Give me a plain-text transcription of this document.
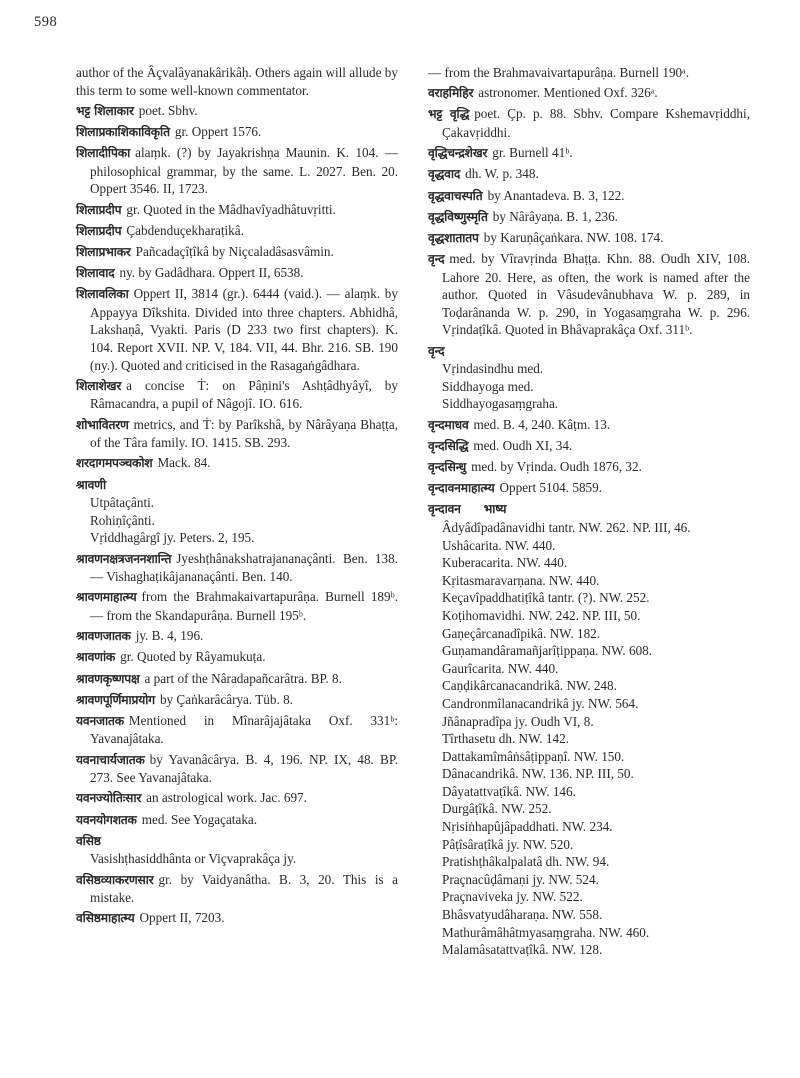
598
author of the Âçvalâyanakârikâḥ. Others again will allude by this term to some well-known commentator.
भट्ट शिलाकार poet. Sbhv.
शिलाप्रकाशिकाविकृति gr. Oppert 1576.
शिलादीपिका alaṃk. (?) by Jayakrishṇa Maunin. K. 104. — philosophical grammar, by the same. L. 2027. Ben. 20. Oppert 3546. II, 1723.
शिलाप्रदीप gr. Quoted in the Mâdhavîyadhâtuvṛitti.
शिलाप्रदीप Çabdenduçekharaṭikâ.
शिलाप्रभाकर Pañcadaçîṭîkâ by Niçcaladâsasvâmin.
शिलावाद ny. by Gadâdhara. Oppert II, 6538.
शिलावलिका Oppert II, 3814 (gr.). 6444 (vaid.). — alaṃk. by Appayya Dîkshita. Divided into three chapters. Abhidhâ, Lakshaṇâ, Vyakti. Paris (D 233 two first chapters). K. 104. Report XVII. NP. V, 184. VII, 44. Bhr. 216. SB. 190 (ny.). Quoted and criticised in the Rasagaṅgâdhara.
शिलाशेखर a concise Ṫ: on Pâṇini's Ashṭâdhyâyî, by Râmacandra, a pupil of Nâgojî. IO. 616.
शोभावितरण metrics, and Ṫ: by Parîkshâ, by Nârâyaṇa Bhaṭṭa, of the Târa family. IO. 1415. SB. 293.
शरदागमपञ्चकोश Mack. 84.
श्रावणी
Utpâtaçânti.
Rohiṇîçânti.
Vṛiddhagârgî jy. Peters. 2, 195.
श्रावणनक्षत्रजननशान्ति Jyeshṭhânakshatrajananaçânti. Ben. 138. — Vishaghaṭikâjananaçânti. Ben. 140.
श्रावणमाहात्म्य from the Brahmakaivartapurâṇa. Burnell 189ᵇ. — from the Skandapurâṇa. Burnell 195ᵇ.
श्रावणजातक jy. B. 4, 196.
श्रावणांक gr. Quoted by Râyamukuṭa.
श्रावणकृष्णपक्ष a part of the Nâradapañcarâtra. BP. 8.
श्रावणपूर्णिमाप्रयोग by Çaṅkarâcârya. Tüb. 8.
यवनजातक Mentioned in Mînarâjajâtaka Oxf. 331ᵇ: Yavanajâtaka.
यवनाचार्यजातक by Yavanâcârya. B. 4, 196. NP. IX, 48. BP. 273. See Yavanajâtaka.
यवनज्योतिःसार an astrological work. Jac. 697.
यवनयोगशतक med. See Yogaçataka.
वसिष्ठ
Vasishṭhasiddhânta or Viçvaprakâça jy.
वसिष्ठव्याकरणसार gr. by Vaidyanâtha. B. 3, 20. This is a mistake.
वसिष्ठमाहात्म्य Oppert II, 7203.
— from the Brahmavaivartapurâṇa. Burnell 190ᵃ.
वराहमिहिर astronomer. Mentioned Oxf. 326ᵃ.
भट्ट वृद्धि poet. Çp. p. 88. Sbhv. Compare Kshemavṛiddhi, Çakavṛiddhi.
वृद्धिचन्द्रशेखर gr. Burnell 41ᵇ.
वृद्धवाद dh. W. p. 348.
वृद्धवाचस्पति by Anantadeva. B. 3, 122.
वृद्धविष्णुस्मृति by Nârâyaṇa. B. 1, 236.
वृद्धशातातप by Karuṇâçaṅkara. NW. 108. 174.
वृन्द med. by Vîravṛinda Bhaṭṭa. Khn. 88. Oudh XIV, 108. Lahore 20. Here, as often, the work is named after the author. Quoted in Vâsudevânubhava W. p. 289, in Toḍarânanda W. p. 290, in Yogasaṃgraha W. p. 296. Vṛindaṭîkâ. Quoted in Bhâvaprakâça Oxf. 311ᵇ.
वृन्द
Vṛindasindhu med.
Siddhayoga med.
Siddhayogasaṃgraha.
वृन्दमाधव med. B. 4, 240. Kâṭm. 13.
वृन्दसिद्धि med. Oudh XI, 34.
वृन्दसिन्धु med. by Vṛinda. Oudh 1876, 32.
वृन्दावनमाहात्म्य Oppert 5104. 5859.
वृन्दावन भाष्य
Âdyâdîpadânavidhi tantr. NW. 262. NP. III, 46.
Ushâcarita. NW. 440.
Kuberacarita. NW. 440.
Kṛitasmaravarṇana. NW. 440.
Keçavîpaddhatiṭîkâ tantr. (?). NW. 252.
Koṭihomavidhi. NW. 242. NP. III, 50.
Gaṇeçârcanadîpikâ. NW. 182.
Guṇamandâramañjarîṭippaṇa. NW. 608.
Gaurîcarita. NW. 440.
Caṇḍikârcanacandrikâ. NW. 248.
Candronmîlanacandrikâ jy. NW. 564.
Jñânapradîpa jy. Oudh VI, 8.
Tîrthasetu dh. NW. 142.
Dattakamîmâṅsâṭippaṇî. NW. 150.
Dânacandrikâ. NW. 136. NP. III, 50.
Dâyatattvaṭîkâ. NW. 146.
Durgâṭîkâ. NW. 252.
Nṛisiṅhapûjâpaddhati. NW. 234.
Pâṭîsâraṭîkâ jy. NW. 520.
Pratishṭhâkalpalatâ dh. NW. 94.
Praçnacûḍâmaṇi jy. NW. 524.
Praçnaviveka jy. NW. 522.
Bhâsvatyudâharaṇa. NW. 558.
Mathurâmâhâtmyasaṃgraha. NW. 460.
Malamâsatattvaṭîkâ. NW. 128.
